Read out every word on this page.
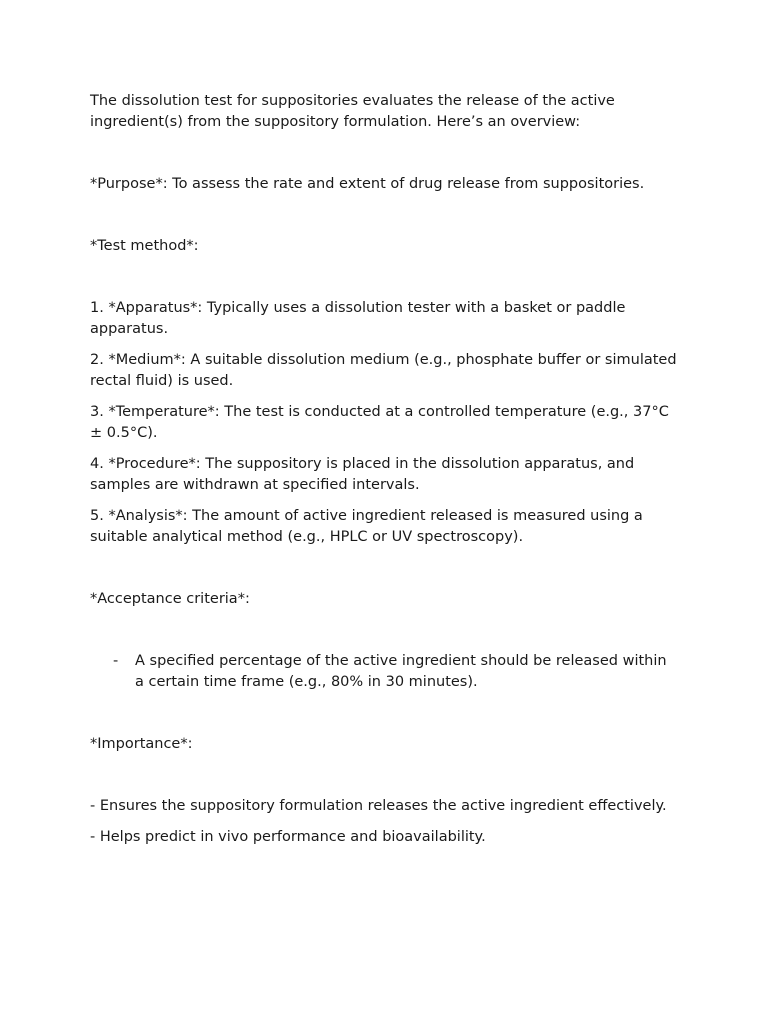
The dissolution test for suppositories evaluates the release of the active ingredient(s) from the suppository formulation. Here’s an overview:

*Purpose*: To assess the rate and extent of drug release from suppositories.

*Test method*:

1. *Apparatus*: Typically uses a dissolution tester with a basket or paddle apparatus.

2. *Medium*: A suitable dissolution medium (e.g., phosphate buffer or simulated rectal fluid) is used.

3. *Temperature*: The test is conducted at a controlled temperature (e.g., 37°C ± 0.5°C).

4. *Procedure*: The suppository is placed in the dissolution apparatus, and samples are withdrawn at specified intervals.

5. *Analysis*: The amount of active ingredient released is measured using a suitable analytical method (e.g., HPLC or UV spectroscopy).

*Acceptance criteria*:

-	A specified percentage of the active ingredient should be released within a certain time frame (e.g., 80% in 30 minutes).

*Importance*:

- Ensures the suppository formulation releases the active ingredient effectively.

- Helps predict in vivo performance and bioavailability.
